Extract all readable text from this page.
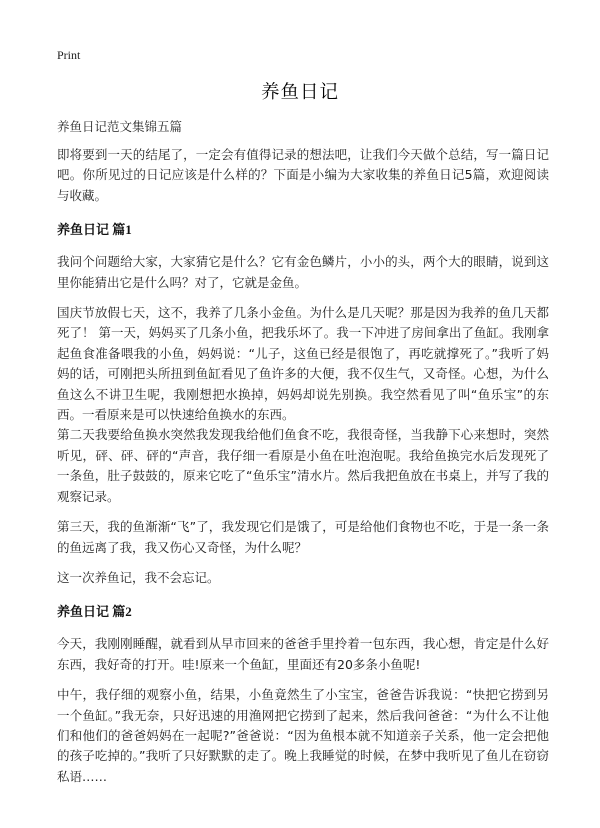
Print
养鱼日记

养鱼日记范文集锦五篇

即将要到一天的结尾了，一定会有值得记录的想法吧，让我们今天做个总结，写一篇日记吧。你所见过的日记应该是什么样的？下面是小编为大家收集的养鱼日记5篇，欢迎阅读与收藏。

养鱼日记 篇1

我问个问题给大家，大家猜它是什么？它有金色鳞片，小小的头，两个大的眼睛，说到这里你能猜出它是什么吗？对了，它就是金鱼。

国庆节放假七天，这不，我养了几条小金鱼。为什么是几天呢？那是因为我养的鱼几天都死了！ 第一天，妈妈买了几条小鱼，把我乐坏了。我一下冲进了房间拿出了鱼缸。我刚拿起鱼食准备喂我的小鱼，妈妈说：“儿子，这鱼已经是很饱了，再吃就撑死了。”我听了妈妈的话，可刚把头所扭到鱼缸看见了鱼许多的大便，我不仅生气，又奇怪。心想，为什么鱼这么不讲卫生呢，我刚想把水换掉，妈妈却说先别换。我空然看见了叫“鱼乐宝”的东西。一看原来是可以快速给鱼换水的东西。

第二天我要给鱼换水突然我发现我给他们鱼食不吃，我很奇怪，当我静下心来想时，突然听见，砰、砰、砰的“声音，我仔细一看原是小鱼在吐泡泡呢。我给鱼换完水后发现死了一条鱼，肚子鼓鼓的，原来它吃了“鱼乐宝”清水片。然后我把鱼放在书桌上，并写了我的观察记录。

第三天，我的鱼渐渐“飞”了，我发现它们是饿了，可是给他们食物也不吃，于是一条一条的鱼远离了我，我又伤心又奇怪，为什么呢？

这一次养鱼记，我不会忘记。

养鱼日记 篇2

今天，我刚刚睡醒，就看到从早市回来的爸爸手里拎着一包东西，我心想，肯定是什么好东西，我好奇的打开。哇!原来一个鱼缸，里面还有20多条小鱼呢!

中午，我仔细的观察小鱼，结果，小鱼竟然生了小宝宝，爸爸告诉我说：“快把它捞到另一个鱼缸。”我无奈，只好迅速的用渔网把它捞到了起来，然后我问爸爸：“为什么不让他们和他们的爸爸妈妈在一起呢?”爸爸说：“因为鱼根本就不知道亲子关系，他一定会把他的孩子吃掉的。”我听了只好默默的走了。晚上我睡觉的时候，在梦中我听见了鱼儿在窃窃私语……
